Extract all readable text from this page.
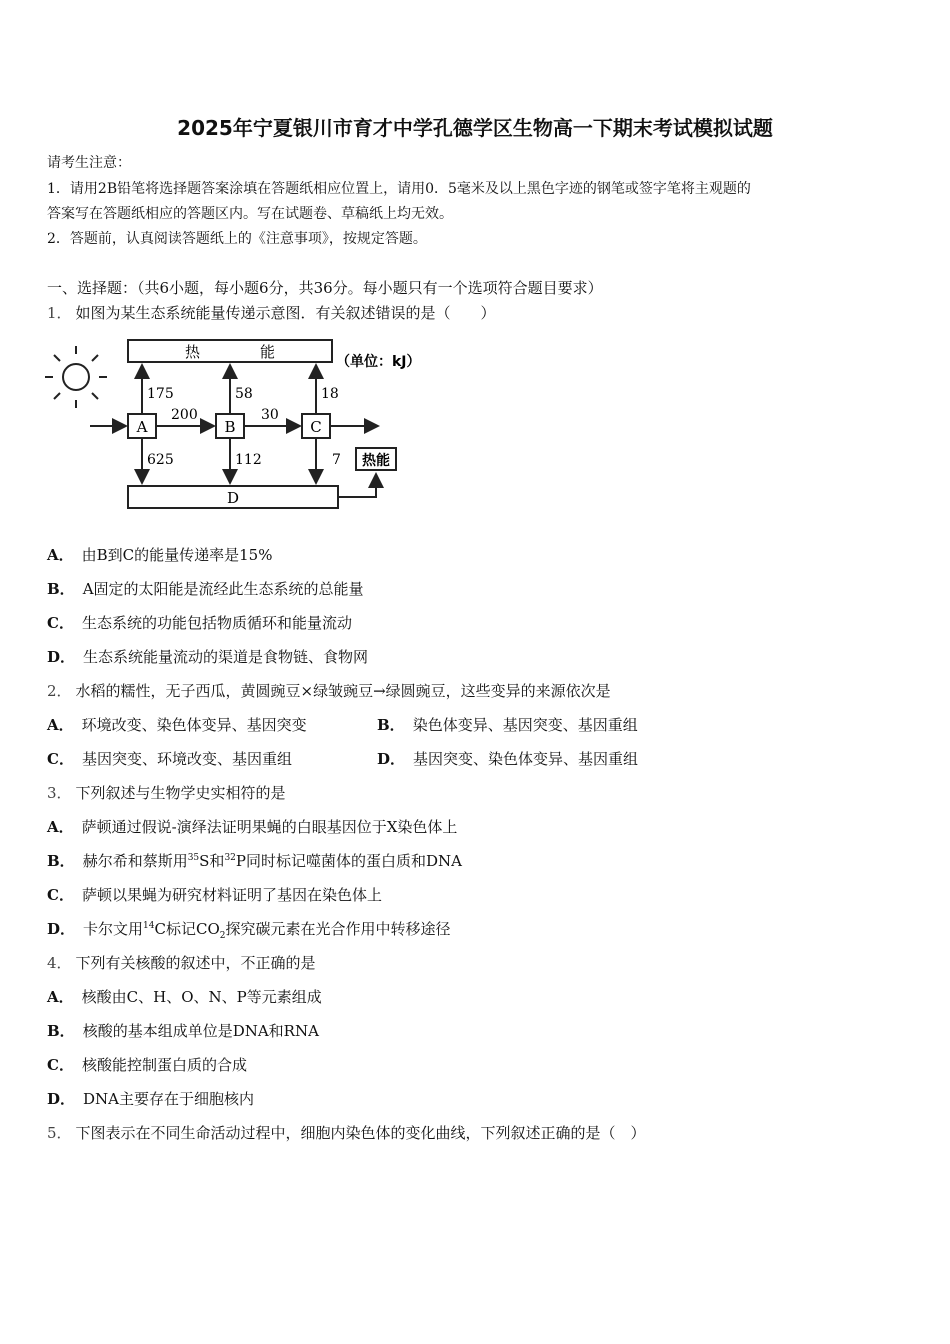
2025年宁夏银川市育才中学孔德学区生物高一下期末考试模拟试题
请考生注意：
1．请用2B铅笔将选择题答案涂填在答题纸相应位置上，请用0．5毫米及以上黑色字迹的钢笔或签字笔将主观题的
答案写在答题纸相应的答题区内。写在试题卷、草稿纸上均无效。
2．答题前，认真阅读答题纸上的《注意事项》，按规定答题。
一、选择题：（共6小题，每小题6分，共36分。每小题只有一个选项符合题目要求）
1． 如图为某生态系统能量传递示意图．有关叙述错误的是（　　）
热　　　　能
（单位：kJ）
D
热能
A	B	C
200	30
175	58	18
625	112	7
A． 由B到C的能量传递率是15%
B． A固定的太阳能是流经此生态系统的总能量
C． 生态系统的功能包括物质循环和能量流动
D． 生态系统能量流动的渠道是食物链、食物网
2． 水稻的糯性，无子西瓜，黄圆豌豆×绿皱豌豆→绿圆豌豆，这些变异的来源依次是
A． 环境改变、染色体变异、基因突变	B． 染色体变异、基因突变、基因重组
C． 基因突变、环境改变、基因重组	D． 基因突变、染色体变异、基因重组
3． 下列叙述与生物学史实相符的是
A． 萨顿通过假说-演绎法证明果蝇的白眼基因位于X染色体上
B． 赫尔希和蔡斯用$^{35}$S和$^{32}$P同时标记噬菌体的蛋白质和DNA
C． 萨顿以果蝇为研究材料证明了基因在染色体上
D． 卡尔文用$^{14}$C标记$CO_2$探究碳元素在光合作用中转移途径
4． 下列有关核酸的叙述中，不正确的是
A． 核酸由C、H、O、N、P等元素组成
B． 核酸的基本组成单位是DNA和RNA
C． 核酸能控制蛋白质的合成
D． DNA主要存在于细胞核内
5． 下图表示在不同生命活动过程中，细胞内染色体的变化曲线，下列叙述正确的是（　）
